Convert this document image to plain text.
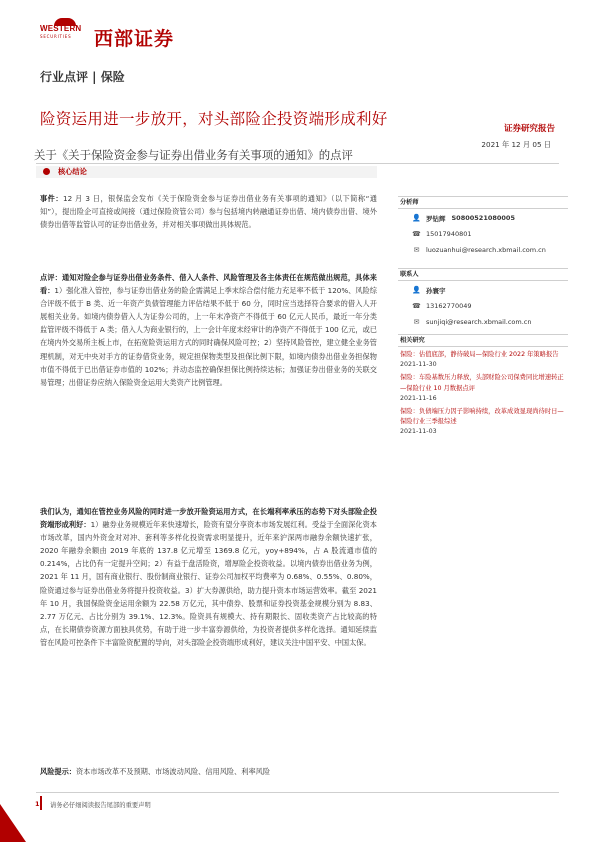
WESTERN
SECURITIES 西部证券
行业点评 | 保险
险资运用进一步放开，对头部险企投资端形成利好
证券研究报告
关于《关于保险资金参与证券出借业务有关事项的通知》的点评
2021 年 12 月 05 日
核心结论
事件：12 月 3 日，银保监会发布《关于保险资金参与证券出借业务有关事项的通知》（以下简称“通知”），提出险企可直接或间接（通过保险资管公司）参与包括境内转融通证券出借、境内债券出借、境外债券出借等监管认可的证券出借业务，并对相关事项做出具体规范。
点评：通知对险企参与证券出借业务条件、借入人条件、风险管理及各主体责任在规范做出规范，具体来看：1）强化准入管控，参与证券出借业务的险企需满足上季末综合偿付能力充足率不低于 120%、风险综合评级不低于 B 类、近一年资产负债管理能力评估结果不低于 60 分，同时应当选择符合要求的借入人开展相关业务。如境内债券借入人为证券公司的，上一年末净资产不得低于 60 亿元人民币，最近一年分类监管评级不得低于 A 类；借入人为商业银行的，上一会计年度末经审计的净资产不得低于 100 亿元，或已在境内外交易所主板上市，在拓宽险资运用方式的同时确保风险可控；2）坚持风险管控，建立健全业务管理机制，对无中央对手方的证券借贷业务，规定担保物类型及担保比例下限，如境内债券出借业务担保物市值不得低于已出借证券市值的 102%；并动态监控确保担保比例持续达标；加强证券出借业务的关联交易管理；出借证券应纳入保险资金运用大类资产比例管理。
我们认为，通知在管控业务风险的同时进一步放开险资运用方式，在长端利率承压的态势下对头部险企投资端形成利好：1）融券业务规模近年来快速增长，险资有望分享资本市场发展红利。受益于全面深化资本市场改革，国内外资金对对冲、套利等多样化投资需求明显提升，近年来沪深两市融券余额快速扩张，2020 年融券余额由 2019 年底的 137.8 亿元增至 1369.8 亿元，yoy+894%，占 A 股流通市值的 0.214%，占比仍有一定提升空间；2）有益于盘活险资，增厚险企投资收益。以境内债券出借业务为例，2021 年 11 月，国有商业银行、股份制商业银行、证券公司加权平均费率为 0.68%、0.55%、0.80%，险资通过参与证券出借业务将提升投资收益。3）扩大券源供给，助力提升资本市场运营效率。截至 2021 年 10 月，我国保险资金运用余额为 22.58 万亿元，其中债券、股票和证券投资基金规模分别为 8.83、2.77 万亿元、占比分别为 39.1%、12.3%。险资具有规模大、持有期限长、固收类资产占比较高的特点，在长期债券资源方面独具优势，有助于进一步丰富券源供给，为投资者提供多样化选择。通知延续监管在风险可控条件下丰富险资配置的导向，对头部险企投资端形成利好，建议关注中国平安、中国太保。
风险提示：资本市场改革不及预期、市场波动风险、信用风险、利率风险
分析师
👤 罗钻辉 S0800521080005
☎ 15017940801
✉ luozuanhui@research.xbmail.com.cn
联系人
👤 孙寰宇
☎ 13162770049
✉ sunjiqi@research.xbmail.com.cn
相关研究
保险：估值底部，静待破局—保险行业 2022 年策略报告
2021-11-30
保险：车险基数压力释放，头部财险公司保费同比增速转正—保险行业 10 月数据点评
2021-11-16
保险：负债端压力因子影响持续，改革成效显现尚待时日—保险行业三季报综述
2021-11-03
1 请务必仔细阅读报告尾部的重要声明
